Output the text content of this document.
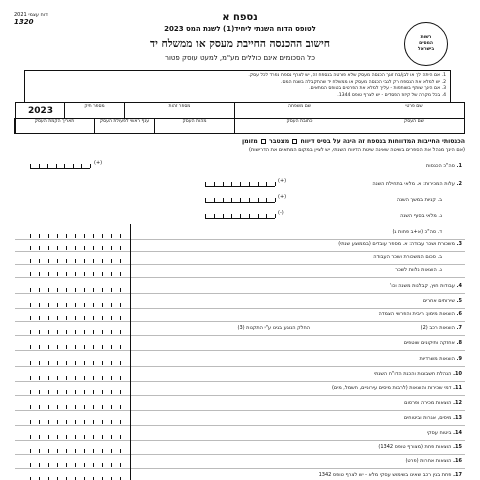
דוח עצמי 2021
1320
רשות
המסים
בישראל
נספח א
לטופס הדוח השנתי ליחיד(1) לשנת המס 2023
חישוב ההכנסה החייבת מעסק או ממשלח יד
כל הסכומים אינם כוללים מע"מ, למעט עוסק פטור
1. אם היתה לך או לבן/בת זוגך הכנסה מעסק שלא פורטה בנספח זה, יש לצרף נספח נפרד לכל עסק.
2. יש למלא את הנספח רק לגבי הכנסה מעסק או ממשלח יד שהתקבלה בשנת המס.
3. אם הינך שותף בשותפות - עליך למלא את הפרטים בטופס המתאים.
4. בכל מקרה של קיזוז הפסדים - יש לצרף טופס 1344.
2023	שם פרטי
שם משפחה
מספר זהות
מספר תיק
שם העסק
כתובת העסק
מהות העסק
ענף ראשי לפעולת העסק
תאריך הקמת העסק
הכנסותי החייבות המדווחות בנספח זה הינה על בסיס דיווח  מצטבר  מזומן
(אם הינך מנהל את הספרים בשיטה שאינה שיטת הדיווח השנתי, יש לציין במקום המתאים את הדרישות)
1. סה"כ הכנסות
2. עלות המכירות: א. מלאי בתחילת השנה
ב. קניות במשך השנה
ג. מלאי בסוף השנה
ד. סה"כ (א+ב פחות ג)
3. משכורת ושכר עבודה: א. מספר עובדים (בממוצע שנתי)
ב. סכום המשכורת ושכר העבודה
ג. הוצאות נלוות לשכר
4. עבודות חוץ, קבלנות משנה וכו'
5. שירותים אחרים
6. הוצאות מימון: ריבית והפרשי הצמדה
7. הוצאות רכב (2)
8. אחזקה ותיקונים שוטפים
9. הוצאות משרדיות
10. הנהלת חשבונות והכנת הדו"ח השנתי
11. דמי שכירות והוצאות (לרבות מיסים עירוניים, חשמל, מים)
12. הוצאות מכירה ופרסום
13. מיסים, אגרות וביטוחים
14. ביטוח עסקי
15. הוצאות פחת (מצורף טופס 1342)
16. הוצאות אחרות (פרט)
17. פחת בגין רכב שאינו בשימוש עסקי מלא - יש לצרף טופס 1342
החלק הנוגע בגינו ע"י התקנות (3)
(+)
(+)
(+)
(-)
